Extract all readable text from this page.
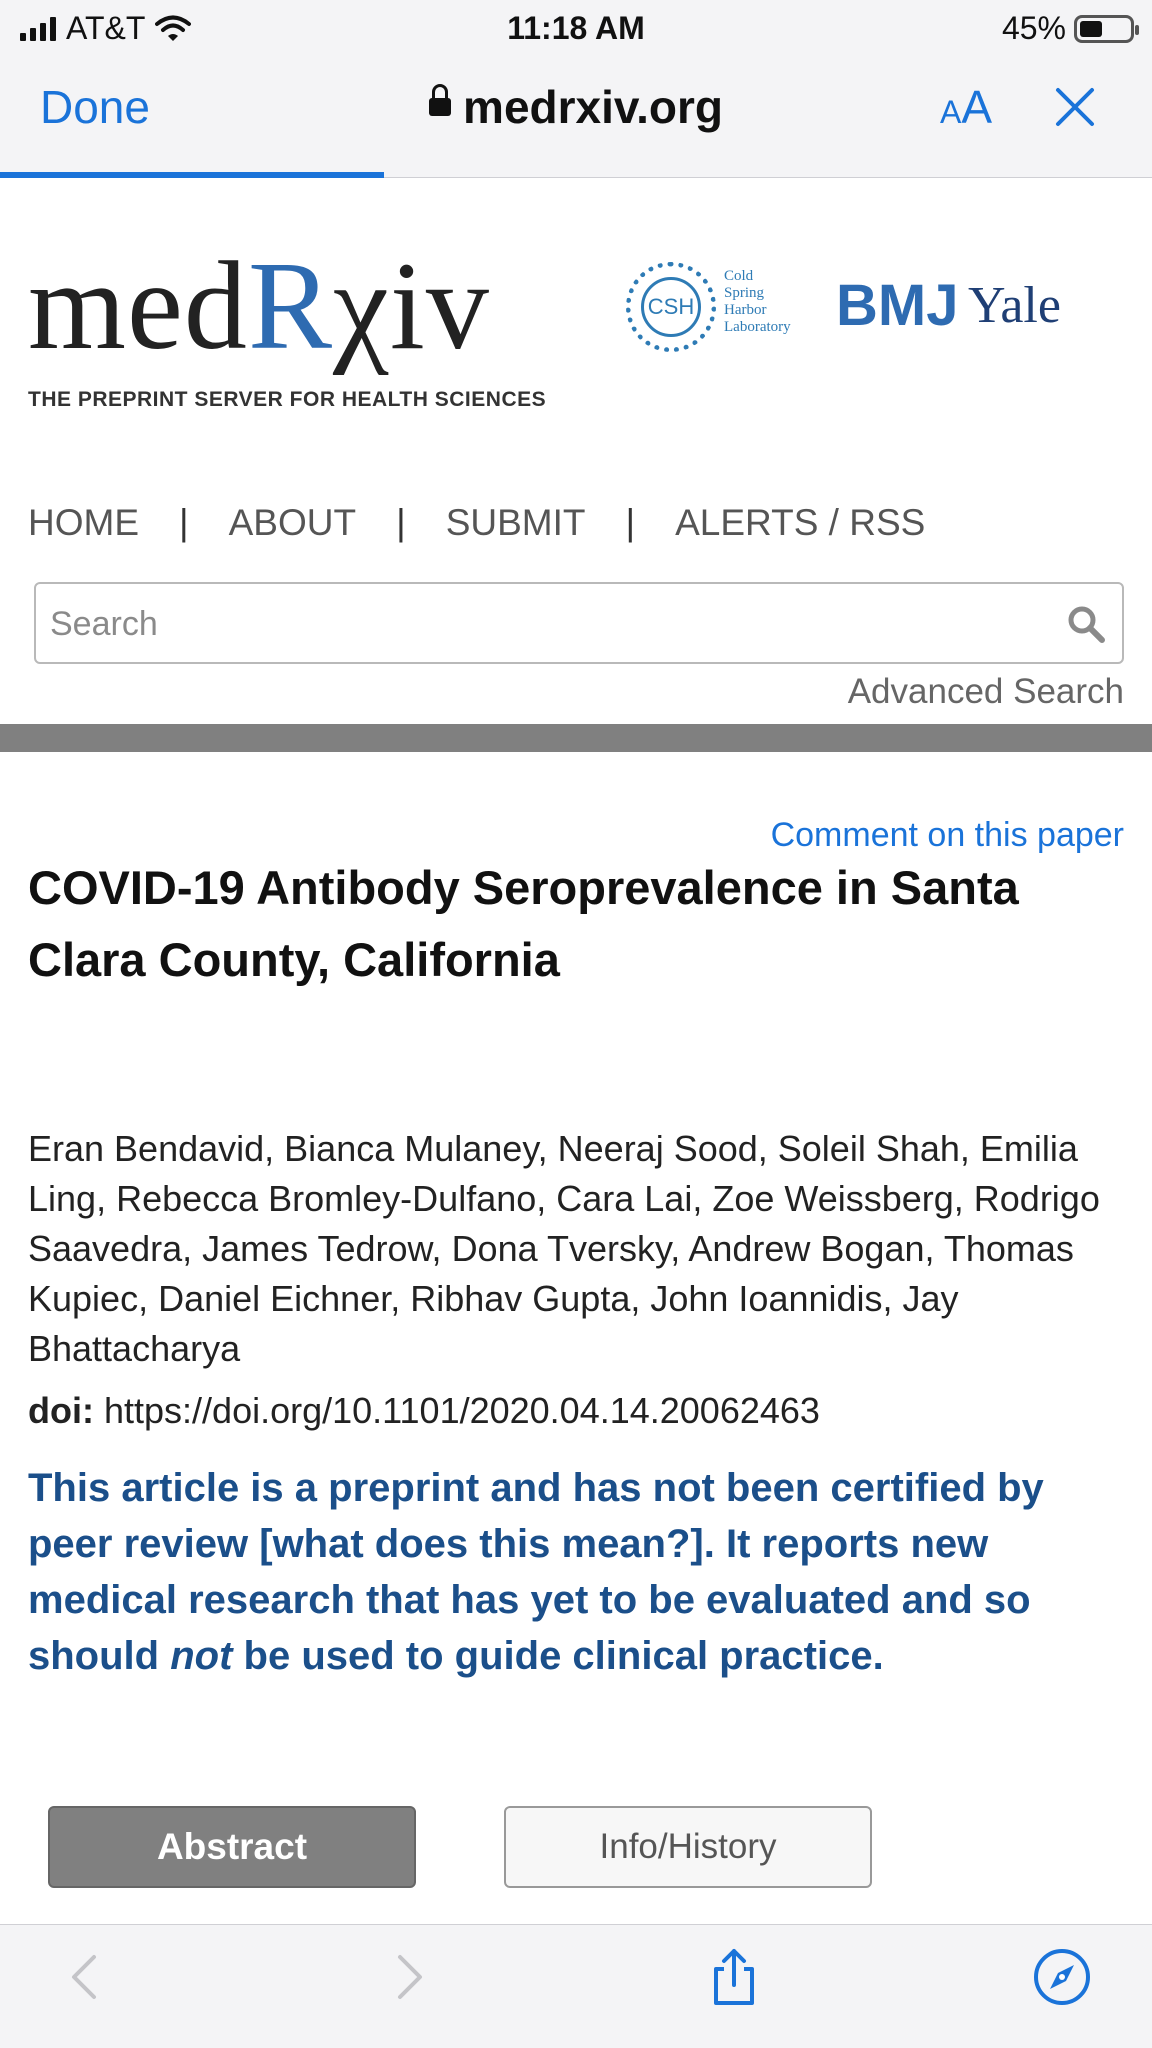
AT&T	11:18 AM	45%
Done	medrxiv.org	AA
medRχiv
THE PREPRINT SERVER FOR HEALTH SCIENCES
CSH
Cold
Spring
Harbor
Laboratory BMJ Yale
HOME | ABOUT | SUBMIT | ALERTS / RSS
Search
Advanced Search
Comment on this paper
COVID-19 Antibody Seroprevalence in Santa Clara County, California
Eran Bendavid, Bianca Mulaney, Neeraj Sood, Soleil Shah, Emilia Ling, Rebecca Bromley-Dulfano, Cara Lai, Zoe Weissberg, Rodrigo Saavedra, James Tedrow, Dona Tversky, Andrew Bogan, Thomas Kupiec, Daniel Eichner, Ribhav Gupta, John Ioannidis, Jay Bhattacharya
doi: https://doi.org/10.1101/2020.04.14.20062463
This article is a preprint and has not been certified by peer review [what does this mean?]. It reports new medical research that has yet to be evaluated and so should not be used to guide clinical practice.
Abstract	Info/History
